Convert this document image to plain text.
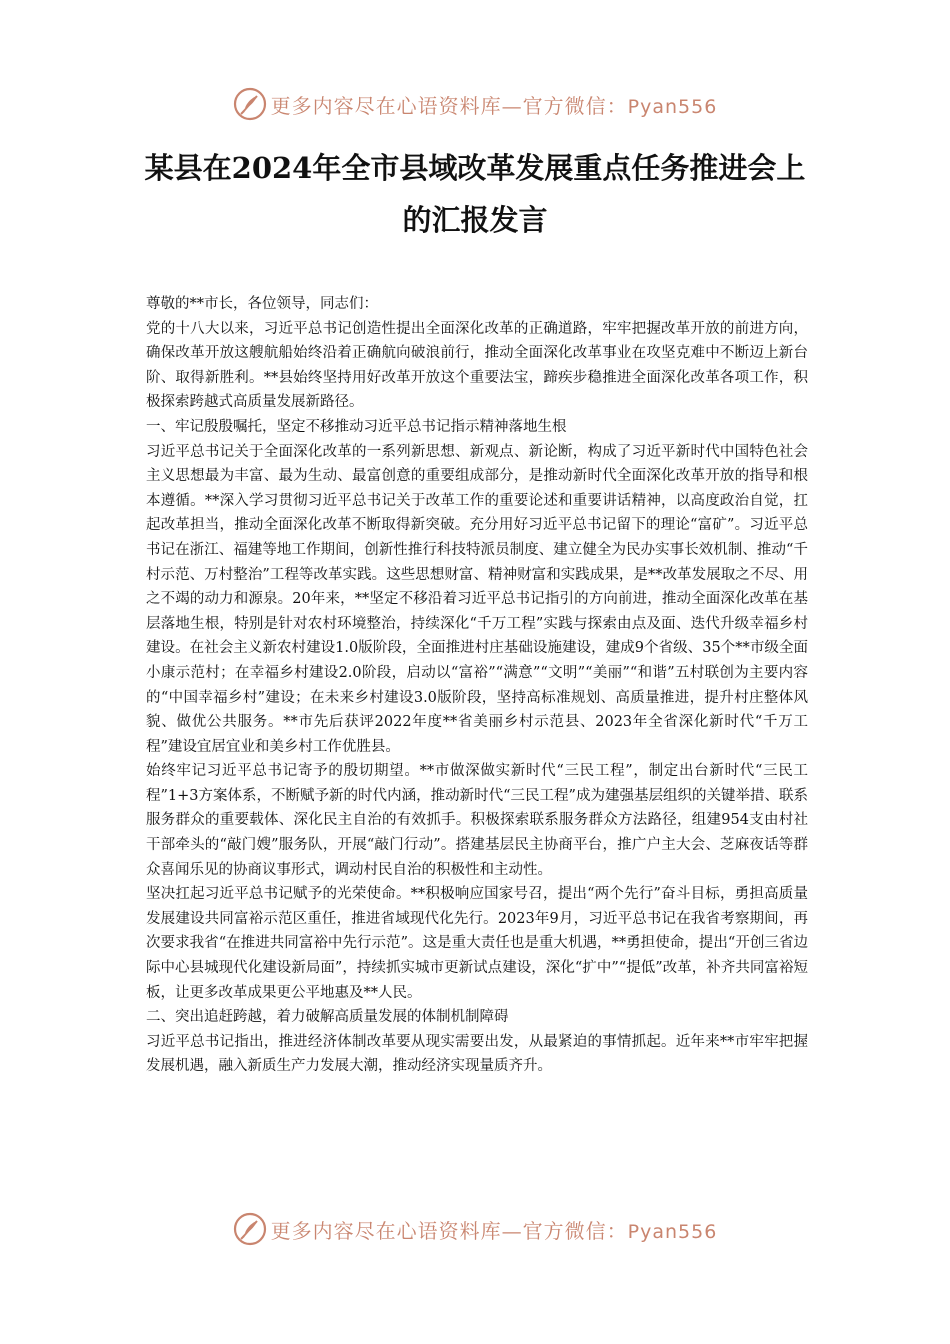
更多内容尽在心语资料库—官方微信：Pyan556
某县在2024年全市县域改革发展重点任务推进会上
的汇报发言

尊敬的**市长，各位领导，同志们：

党的十八大以来，习近平总书记创造性提出全面深化改革的正确道路，牢牢把握改革开放的前进方向，确保改革开放这艘航船始终沿着正确航向破浪前行，推动全面深化改革事业在攻坚克难中不断迈上新台阶、取得新胜利。**县始终坚持用好改革开放这个重要法宝，蹄疾步稳推进全面深化改革各项工作，积极探索跨越式高质量发展新路径。

一、牢记殷殷嘱托，坚定不移推动习近平总书记指示精神落地生根

习近平总书记关于全面深化改革的一系列新思想、新观点、新论断，构成了习近平新时代中国特色社会主义思想最为丰富、最为生动、最富创意的重要组成部分，是推动新时代全面深化改革开放的指导和根本遵循。**深入学习贯彻习近平总书记关于改革工作的重要论述和重要讲话精神，以高度政治自觉，扛起改革担当，推动全面深化改革不断取得新突破。充分用好习近平总书记留下的理论“富矿”。习近平总书记在浙江、福建等地工作期间，创新性推行科技特派员制度、建立健全为民办实事长效机制、推动“千村示范、万村整治”工程等改革实践。这些思想财富、精神财富和实践成果，是**改革发展取之不尽、用之不竭的动力和源泉。20年来，**坚定不移沿着习近平总书记指引的方向前进，推动全面深化改革在基层落地生根，特别是针对农村环境整治，持续深化“千万工程”实践与探索由点及面、迭代升级幸福乡村建设。在社会主义新农村建设1.0版阶段，全面推进村庄基础设施建设，建成9个省级、35个**市级全面小康示范村；在幸福乡村建设2.0阶段，启动以“富裕”“满意”“文明”“美丽”“和谐”五村联创为主要内容的“中国幸福乡村”建设；在未来乡村建设3.0版阶段，坚持高标准规划、高质量推进，提升村庄整体风貌、做优公共服务。**市先后获评2022年度**省美丽乡村示范县、2023年全省深化新时代“千万工程”建设宜居宜业和美乡村工作优胜县。

始终牢记习近平总书记寄予的殷切期望。**市做深做实新时代“三民工程”，制定出台新时代“三民工程”1+3方案体系，不断赋予新的时代内涵，推动新时代“三民工程”成为建强基层组织的关键举措、联系服务群众的重要载体、深化民主自治的有效抓手。积极探索联系服务群众方法路径，组建954支由村社干部牵头的“敲门嫂”服务队，开展“敲门行动”。搭建基层民主协商平台，推广户主大会、芝麻夜话等群众喜闻乐见的协商议事形式，调动村民自治的积极性和主动性。

坚决扛起习近平总书记赋予的光荣使命。**积极响应国家号召，提出“两个先行”奋斗目标，勇担高质量发展建设共同富裕示范区重任，推进省域现代化先行。2023年9月，习近平总书记在我省考察期间，再次要求我省“在推进共同富裕中先行示范”。这是重大责任也是重大机遇，**勇担使命，提出“开创三省边际中心县城现代化建设新局面”，持续抓实城市更新试点建设，深化“扩中”“提低”改革，补齐共同富裕短板，让更多改革成果更公平地惠及**人民。

二、突出追赶跨越，着力破解高质量发展的体制机制障碍

习近平总书记指出，推进经济体制改革要从现实需要出发，从最紧迫的事情抓起。近年来**市牢牢把握发展机遇，融入新质生产力发展大潮，推动经济实现量质齐升。

更多内容尽在心语资料库—官方微信：Pyan556
